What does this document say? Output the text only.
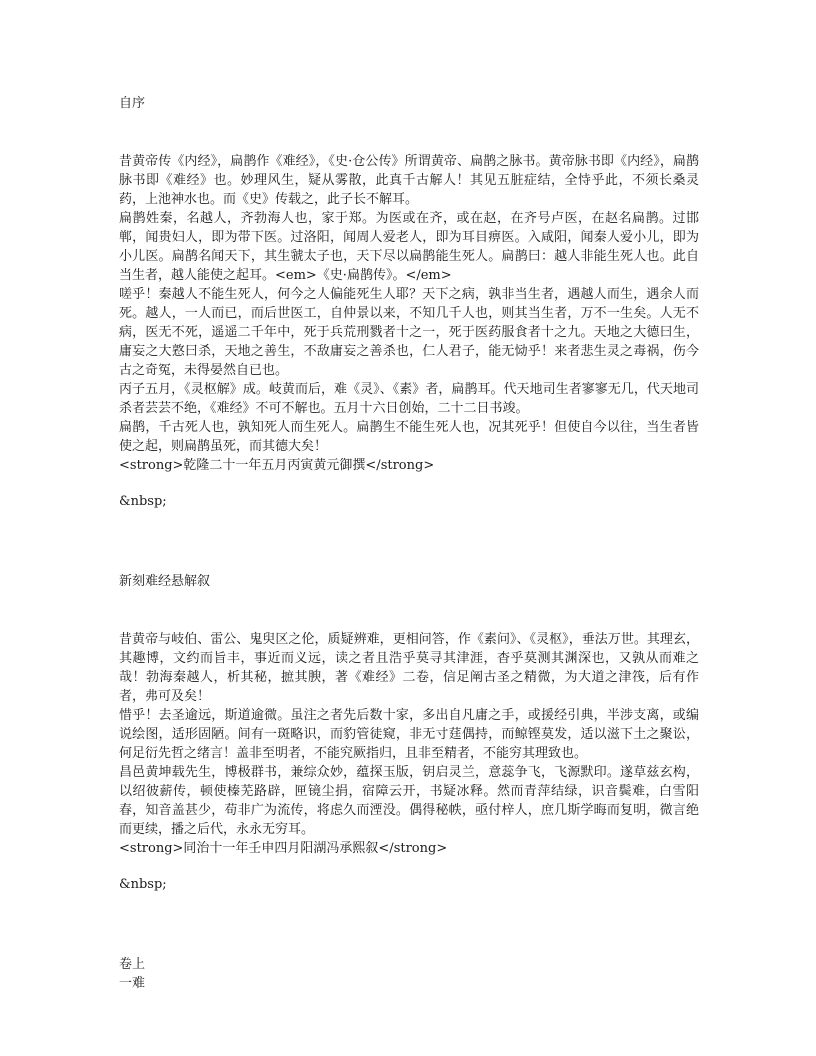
自序

昔黄帝传《内经》，扁鹊作《难经》，《史·仓公传》所谓黄帝、扁鹊之脉书。黄帝脉书即《内经》，扁鹊脉书即《难经》也。妙理风生，疑从雾散，此真千古解人！其见五脏症结，全恃乎此，不须长桑灵药，上池神水也。而《史》传载之，此子长不解耳。

扁鹊姓秦，名越人，齐勃海人也，家于郑。为医或在齐，或在赵，在齐号卢医，在赵名扁鹊。过邯郸，闻贵妇人，即为带下医。过洛阳，闻周人爱老人，即为耳目痹医。入咸阳，闻秦人爱小儿，即为小儿医。扁鹊名闻天下，其生虢太子也，天下尽以扁鹊能生死人。扁鹊曰：越人非能生死人也。此自当生者，越人能使之起耳。<em>《史·扁鹊传》。</em>

嗟乎！秦越人不能生死人，何今之人偏能死生人耶？天下之病，孰非当生者，遇越人而生，遇余人而死。越人，一人而已，而后世医工，自仲景以来，不知几千人也，则其当生者，万不一生矣。人无不病，医无不死，遥遥二千年中，死于兵荒刑戮者十之一，死于医药服食者十之九。天地之大德曰生，庸妄之大憝曰杀，天地之善生，不敌庸妄之善杀也，仁人君子，能无恸乎！来者悲生灵之毒祸，伤今古之奇冤，未得晏然自已也。

丙子五月，《灵枢解》成。岐黄而后，难《灵》、《素》者，扁鹊耳。代天地司生者寥寥无几，代天地司杀者芸芸不绝，《难经》不可不解也。五月十六日创始，二十二日书竣。

扁鹊，千古死人也，孰知死人而生死人。扁鹊生不能生死人也，况其死乎！但使自今以往，当生者皆使之起，则扁鹊虽死，而其德大矣！

<strong>乾隆二十一年五月丙寅黄元御撰</strong>

&nbsp;

新刻难经悬解叙

昔黄帝与岐伯、雷公、鬼臾区之伦，质疑辨难，更相问答，作《素问》、《灵枢》，垂法万世。其理玄，其趣博，文约而旨丰，事近而义远，读之者且浩乎莫寻其津涯，杳乎莫测其渊深也，又孰从而难之哉！勃海秦越人，析其秘，摭其腴，著《难经》二卷，信足阐古圣之精微，为大道之津筏，后有作者，弗可及矣！

惜乎！去圣逾远，斯道逾微。虽注之者先后数十家，多出自凡庸之手，或援经引典，半涉支离，或编说绘图，适形固陋。间有一斑略识，而豹管徒窥，非无寸莛偶持，而鲸铿莫发，适以滋下土之聚讼，何足衍先哲之绪言！盖非至明者，不能究厥指归，且非至精者，不能穷其理致也。

昌邑黄坤载先生，博极群书，兼综众妙，蕴探玉版，钥启灵兰，意蕊争飞，飞源默印。遂草兹玄构，以绍彼薪传，顿使榛芜路辟，匣镜尘捐，宿障云开，书疑冰释。然而青萍结绿，识音鬓难，白雪阳春，知音盖甚少，苟非广为流传，将虑久而湮没。偶得秘帙，亟付梓人，庶几斯学晦而复明，微言绝而更续，播之后代，永永无穷耳。

<strong>同治十一年壬申四月阳湖冯承熙叙</strong>

&nbsp;

卷上

一难
